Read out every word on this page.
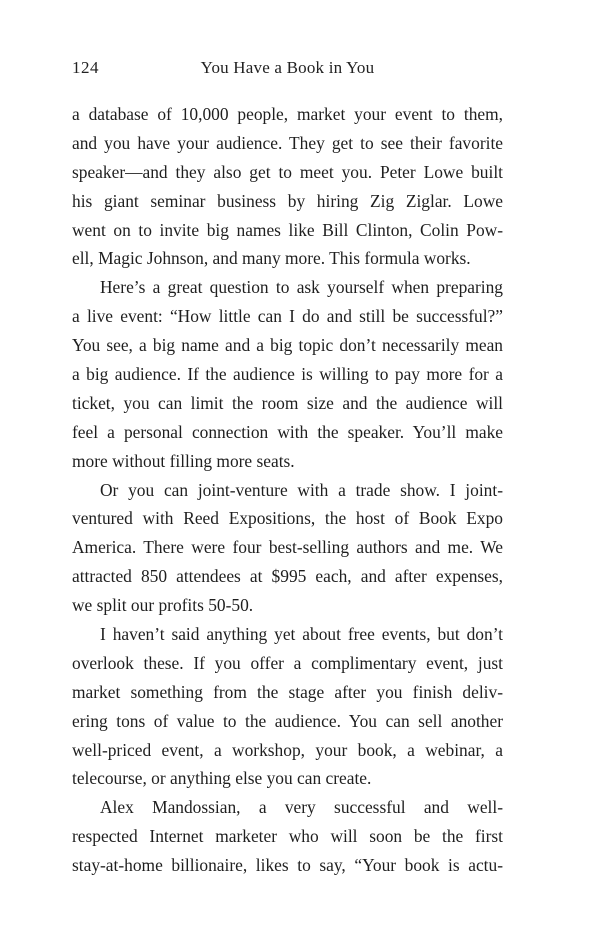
124	You Have a Book in You
a database of 10,000 people, market your event to them,
and you have your audience. They get to see their favorite
speaker—and they also get to meet you. Peter Lowe built
his giant seminar business by hiring Zig Ziglar. Lowe
went on to invite big names like Bill Clinton, Colin Pow-
ell, Magic Johnson, and many more. This formula works.
Here’s a great question to ask yourself when preparing
a live event: “How little can I do and still be successful?”
You see, a big name and a big topic don’t necessarily mean
a big audience. If the audience is willing to pay more for a
ticket, you can limit the room size and the audience will
feel a personal connection with the speaker. You’ll make
more without filling more seats.
Or you can joint-venture with a trade show. I joint-
ventured with Reed Expositions, the host of Book Expo
America. There were four best-selling authors and me. We
attracted 850 attendees at $995 each, and after expenses,
we split our profits 50-50.
I haven’t said anything yet about free events, but don’t
overlook these. If you offer a complimentary event, just
market something from the stage after you finish deliv-
ering tons of value to the audience. You can sell another
well-priced event, a workshop, your book, a webinar, a
telecourse, or anything else you can create.
Alex Mandossian, a very successful and well-
respected Internet marketer who will soon be the first
stay-at-home billionaire, likes to say, “Your book is actu-
